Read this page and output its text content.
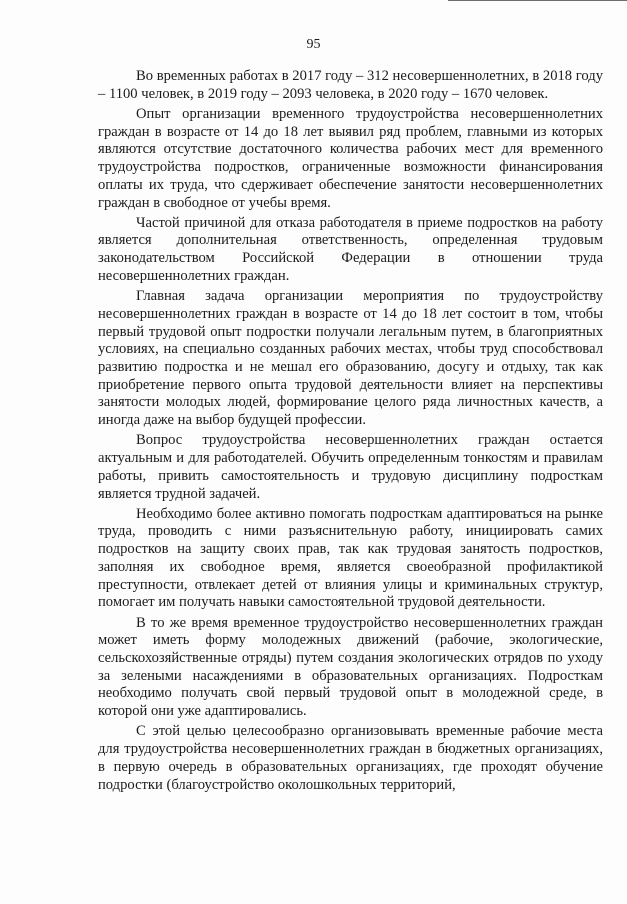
95

Во временных работах в 2017 году – 312 несовершеннолетних, в 2018 году – 1100 человек, в 2019 году – 2093 человека, в 2020 году – 1670 человек.

Опыт организации временного трудоустройства несовершеннолетних граждан в возрасте от 14 до 18 лет выявил ряд проблем, главными из которых являются отсутствие достаточного количества рабочих мест для временного трудоустройства подростков, ограниченные возможности финансирования оплаты их труда, что сдерживает обеспечение занятости несовершеннолетних граждан в свободное от учебы время.

Частой причиной для отказа работодателя в приеме подростков на работу является дополнительная ответственность, определенная трудовым законодательством Российской Федерации в отношении труда несовершеннолетних граждан.

Главная задача организации мероприятия по трудоустройству несовершеннолетних граждан в возрасте от 14 до 18 лет состоит в том, чтобы первый трудовой опыт подростки получали легальным путем, в благоприятных условиях, на специально созданных рабочих местах, чтобы труд способствовал развитию подростка и не мешал его образованию, досугу и отдыху, так как приобретение первого опыта трудовой деятельности влияет на перспективы занятости молодых людей, формирование целого ряда личностных качеств, а иногда даже на выбор будущей профессии.

Вопрос трудоустройства несовершеннолетних граждан остается актуальным и для работодателей. Обучить определенным тонкостям и правилам работы, привить самостоятельность и трудовую дисциплину подросткам является трудной задачей.

Необходимо более активно помогать подросткам адаптироваться на рынке труда, проводить с ними разъяснительную работу, инициировать самих подростков на защиту своих прав, так как трудовая занятость подростков, заполняя их свободное время, является своеобразной профилактикой преступности, отвлекает детей от влияния улицы и криминальных структур, помогает им получать навыки самостоятельной трудовой деятельности.

В то же время временное трудоустройство несовершеннолетних граждан может иметь форму молодежных движений (рабочие, экологические, сельскохозяйственные отряды) путем создания экологических отрядов по уходу за зелеными насаждениями в образовательных организациях. Подросткам необходимо получать свой первый трудовой опыт в молодежной среде, в которой они уже адаптировались.

С этой целью целесообразно организовывать временные рабочие места для трудоустройства несовершеннолетних граждан в бюджетных организациях, в первую очередь в образовательных организациях, где проходят обучение подростки (благоустройство околошкольных территорий,
